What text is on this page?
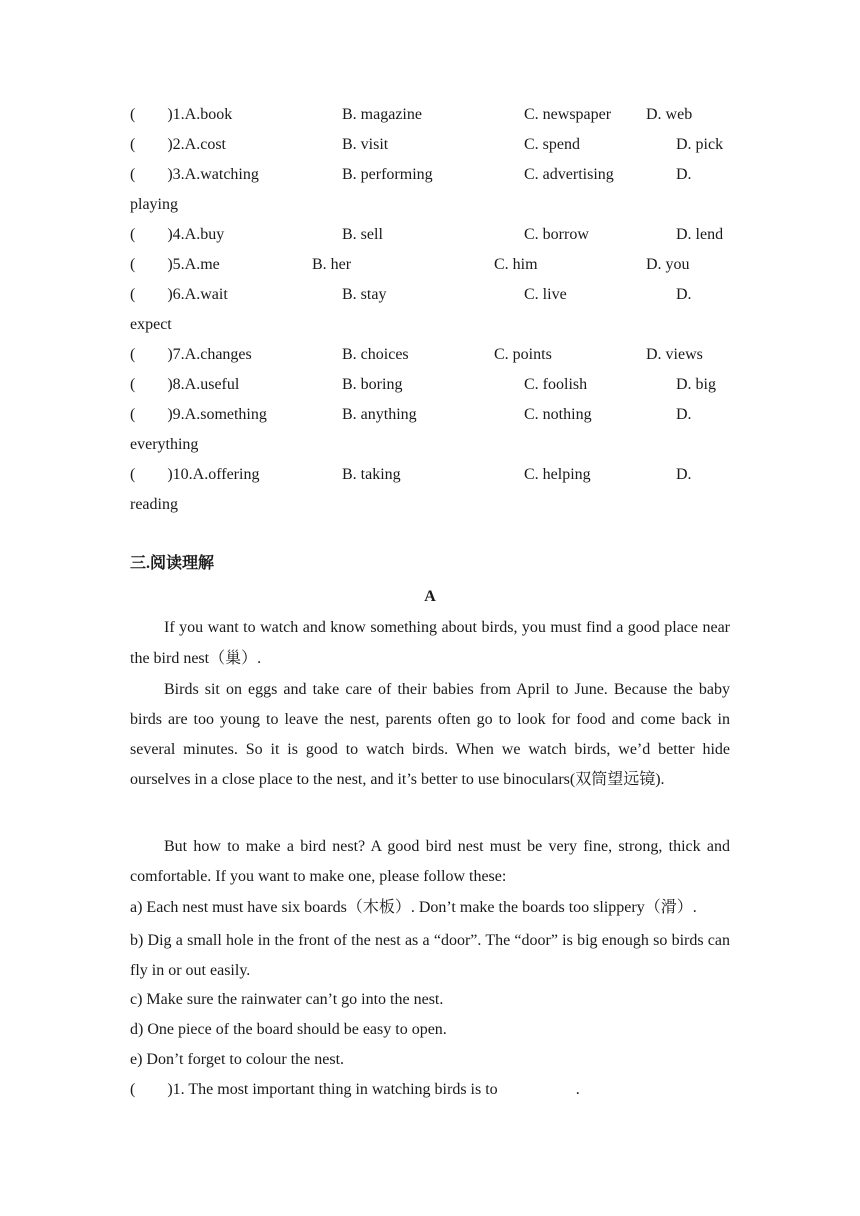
(　　)1.A.book	B. magazine	C. newspaper D. web
(　　)2.A.cost	B. visit	C. spend	D. pick
(　　)3.A.watching	B. performing	C. advertising	D.
playing
(　　)4.A.buy	B. sell	C. borrow	D. lend
(　　)5.A.me	B. her	C. him	D. you
(　　)6.A.wait	B. stay	C. live	D.
expect
(　　)7.A.changes	B. choices	C. points	D. views
(　　)8.A.useful	B. boring	C. foolish	D. big
(　　)9.A.something	B. anything	C. nothing	D.
everything
(　　)10.A.offering	B. taking	C. helping	D.
reading
三.阅读理解
A

If you want to watch and know something about birds, you must find a good place near the bird nest（巢）.

Birds sit on eggs and take care of their babies from April to June. Because the baby birds are too young to leave the nest, parents often go to look for food and come back in several minutes. So it is good to watch birds. When we watch birds, we’d better hide ourselves in a close place to the nest, and it’s better to use binoculars(双筒望远镜).

But how to make a bird nest? A good bird nest must be very fine, strong, thick and comfortable. If you want to make one, please follow these:

a) Each nest must have six boards（木板）. Don’t make the boards too slippery（滑）.

b) Dig a small hole in the front of the nest as a “door”. The “door” is big enough so birds can fly in or out easily.

c) Make sure the rainwater can’t go into the nest.

d) One piece of the board should be easy to open.

e) Don’t forget to colour the nest.

(　　)1. The most important thing in watching birds is to	.
